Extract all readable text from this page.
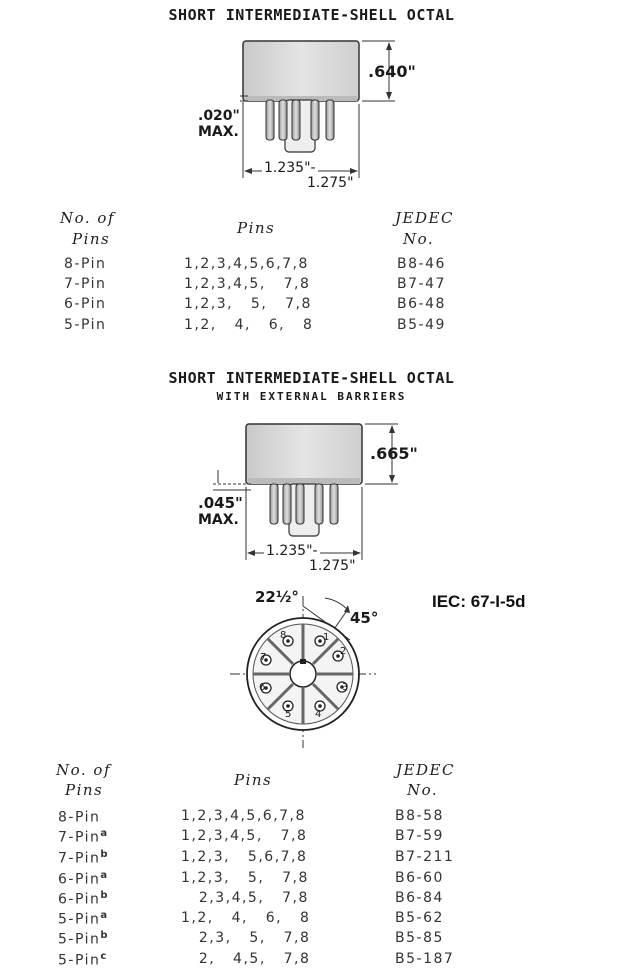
SHORT INTERMEDIATE-SHELL OCTAL
.640"
.020"
MAX.
1.235"-
1.275"
No. of
Pins
Pins
JEDEC
No.
8-Pin	1,2,3,4,5,6,7,8	B8-46
7-Pin	1,2,3,4,5,   7,8	B7-47
6-Pin	1,2,3,   5,   7,8	B6-48
5-Pin	1,2,   4,   6,   8	B5-49
SHORT INTERMEDIATE-SHELL OCTAL
WITH EXTERNAL BARRIERS
.665"
.045"
MAX.
1.235"-
1.275"
22½°
45°
1
2
3
4
5
6
7
8
IEC: 67-I-5d
No. of
Pins
Pins
JEDEC
No.
8-Pin	1,2,3,4,5,6,7,8	B8-58
7-Pin$^a$	1,2,3,4,5,   7,8	B7-59
7-Pin$^b$	1,2,3,   5,6,7,8	B7-211
6-Pin$^a$	1,2,3,   5,   7,8	B6-60
6-Pin$^b$	2,3,4,5,   7,8	B6-84
5-Pin$^a$	1,2,   4,   6,   8	B5-62
5-Pin$^b$	2,3,   5,   7,8	B5-85
5-Pin$^c$	2,   4,5,   7,8	B5-187
